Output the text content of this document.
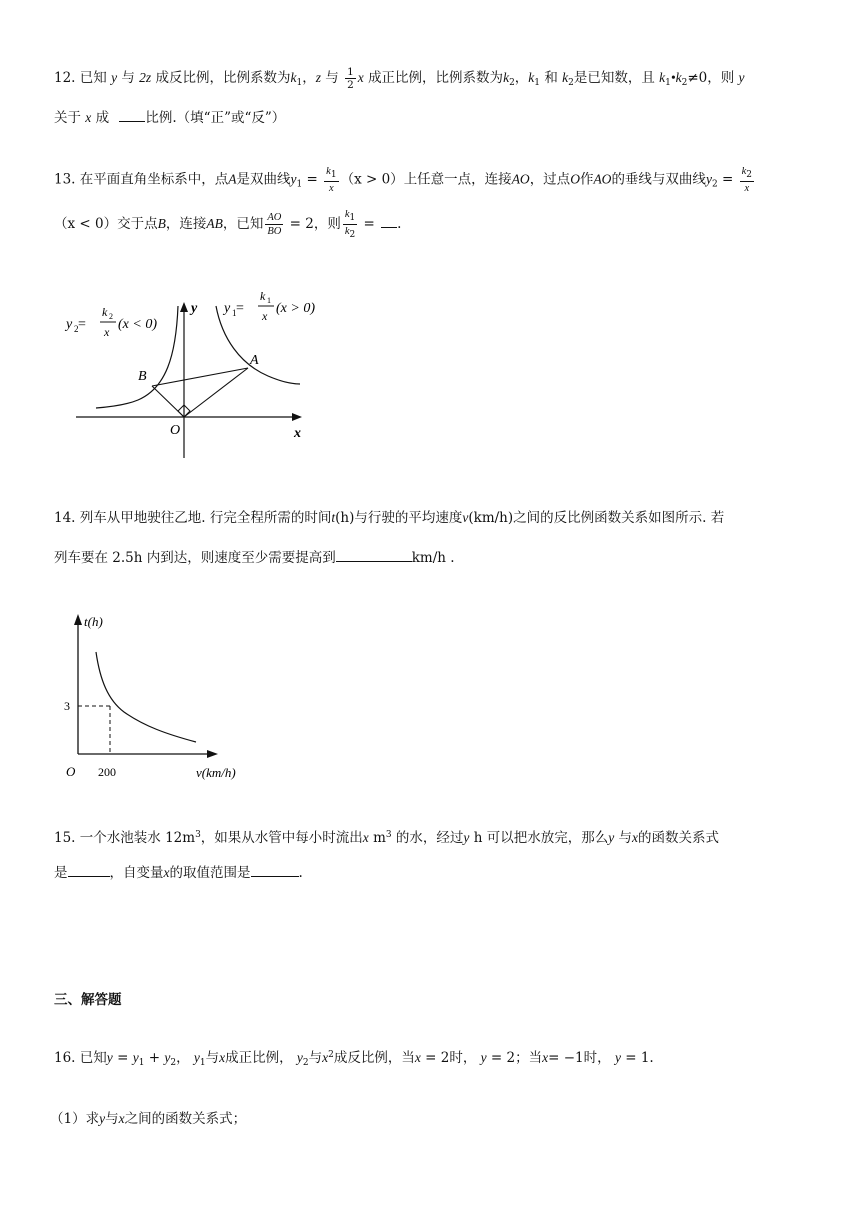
12. 已知 y 与 2z 成反比例，比例系数为$k_1$，z 与 $\frac{1}{2}$ x 成正比例，比例系数为$k_2$，$k_1$ 和 $k_2$是已知数，且 $k_1•k_2\ne 0$，则 y
关于 x 成	比例.（填“正”或“反”）
13. 在平面直角坐标系中，点A是双曲线$y_1 = \frac{k_1}{x} (x > 0)$上任意一点，连接AO，过点O作AO的垂线与双曲线$y_2 = \frac{k_2}{x}$
（x < 0）交于点B，连接AB，已知 $\frac{AO}{BO} = 2$，则 $\frac{k_1}{k_2}$ = .
B
A
O	x
y
y 2 =
k 2
x (x < 0)
y 1 =
k 1
x (x > 0)
14. 列车从甲地驶往乙地. 行完全程所需的时间t(h)与行驶的平均速度v(km/h)之间的反比例函数关系如图所示. 若
列车要在 2.5h 内到达，则速度至少需要提高到	km/h .
t(h)
v(km/h)
O
3
200
15. 一个水池装水 $12m^3$，如果从水管中每小时流出x $m^3$ 的水，经过y h 可以把水放完，那么y 与x的函数关系式
是	，自变量x的取值范围是	.
三、解答题
16. 已知$y = y_1 + y_2$， $y_1$与x成正比例， $y_2$与$x^2$成反比例，当x = 2时， y = 2；当x= −1时， y = 1.
（1）求y与x之间的函数关系式；
